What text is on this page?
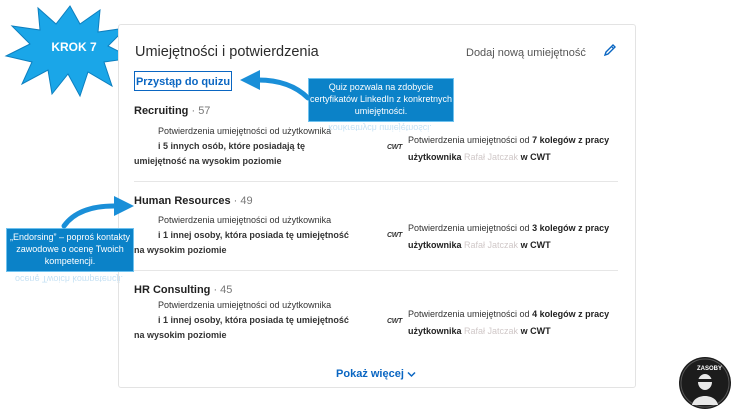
KROK 7	Umiejętności i potwierdzenia	Dodaj nową umiejętność
Przystąp do quizu
Recruiting · 57
Potwierdzenia umiejętności od użytkownika
i 5 innych osób, które posiadają tę
umiejętność na wysokim poziomie
CWT
Potwierdzenia umiejętności od 7 kolegów z pracy
użytkownika Rafał Jatczak w CWT
Human Resources · 49
Potwierdzenia umiejętności od użytkownika
i 1 innej osoby, która posiada tę umiejętność
na wysokim poziomie
CWT
Potwierdzenia umiejętności od 3 kolegów z pracy
użytkownika Rafał Jatczak w CWT
HR Consulting · 45
Potwierdzenia umiejętności od użytkownika
i 1 innej osoby, która posiada tę umiejętność
na wysokim poziomie
CWT
Potwierdzenia umiejętności od 4 kolegów z pracy
użytkownika Rafał Jatczak w CWT
Pokaż więcej
Quiz pozwala na zdobycie certyfikatów LinkedIn z konkretnych umiejętności.
konkretnych umiejętności.
„Endorsing” – poproś kontakty zawodowe o ocenę Twoich kompetencji.
ocenę Twoich kompetencji.
ZASOBY
